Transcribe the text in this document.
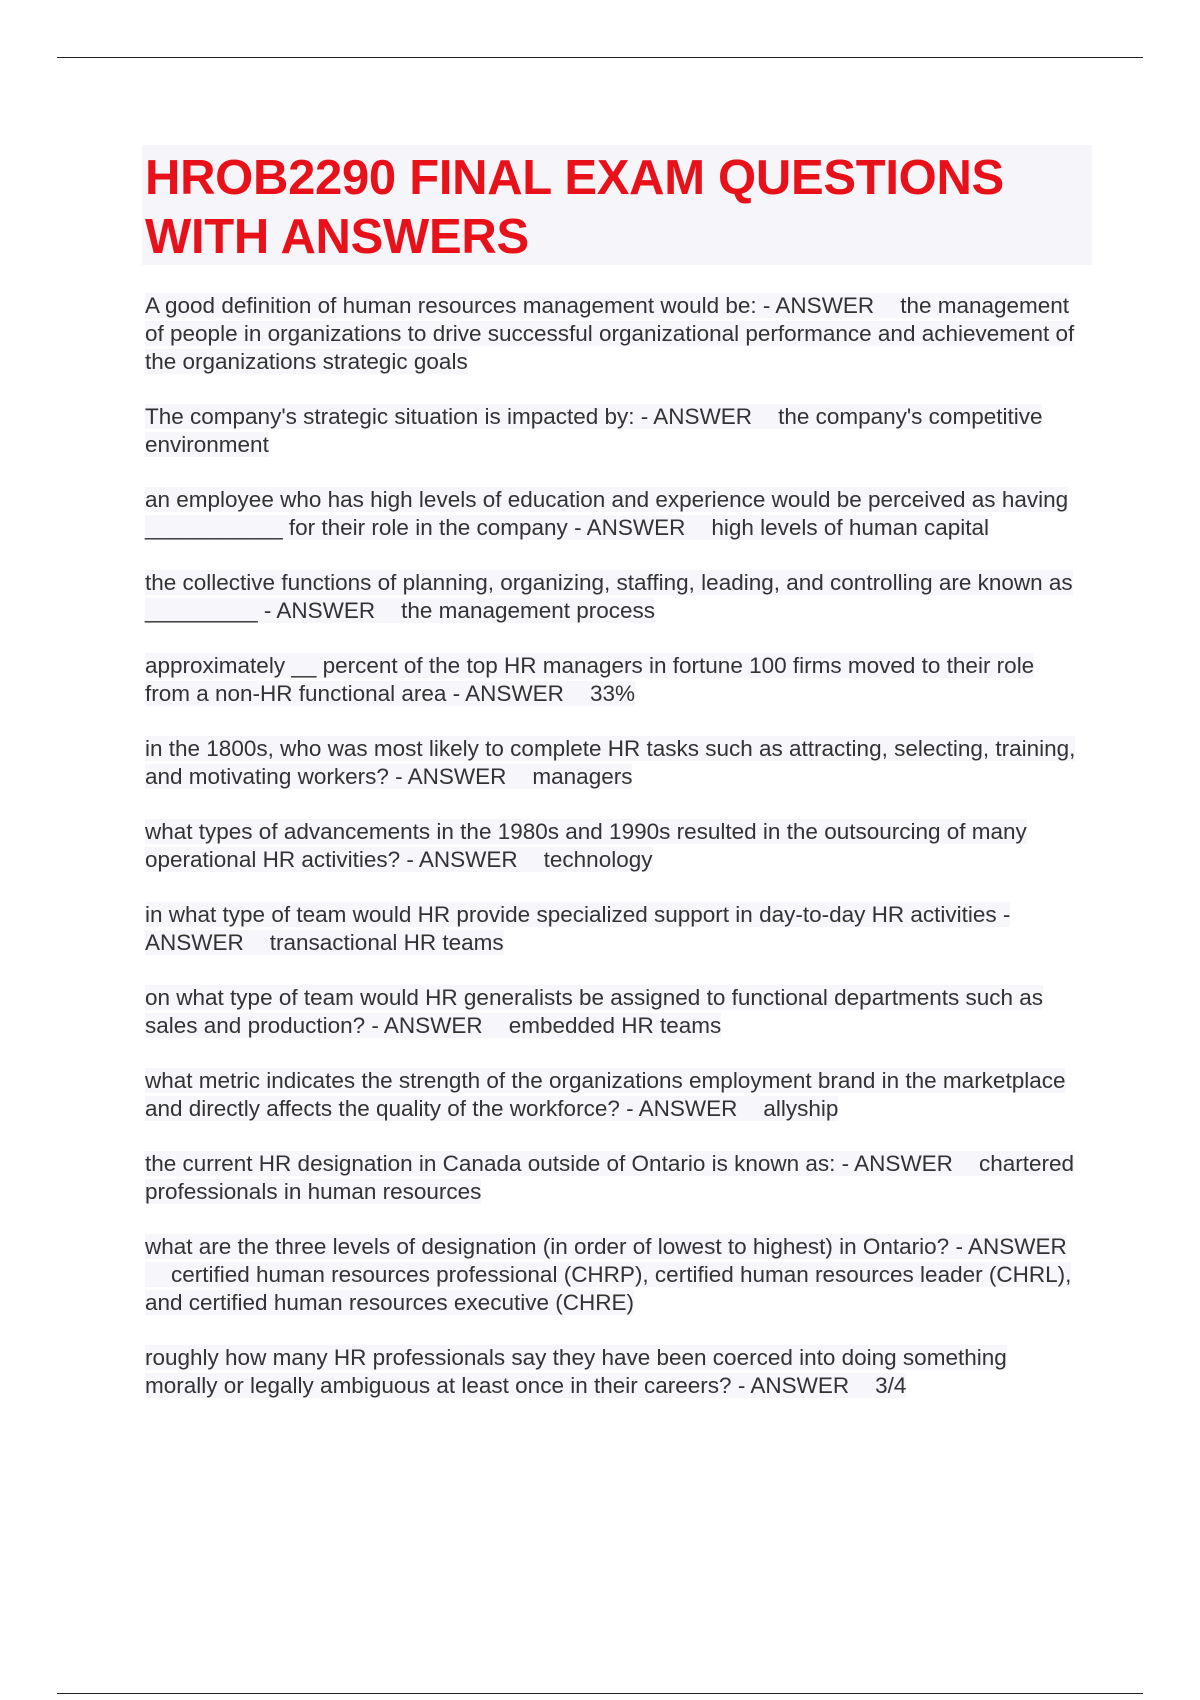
HROB2290 FINAL EXAM QUESTIONS
WITH ANSWERS
A good definition of human resources management would be: - ANSWER the management of people in organizations to drive successful organizational performance and achievement of the organizations strategic goals
The company's strategic situation is impacted by: - ANSWER the company's competitive environment
an employee who has high levels of education and experience would be perceived as having ___________ for their role in the company - ANSWER high levels of human capital
the collective functions of planning, organizing, staffing, leading, and controlling are known as _________ - ANSWER the management process
approximately __ percent of the top HR managers in fortune 100 firms moved to their role from a non-HR functional area - ANSWER 33%
in the 1800s, who was most likely to complete HR tasks such as attracting, selecting, training, and motivating workers? - ANSWER managers
what types of advancements in the 1980s and 1990s resulted in the outsourcing of many operational HR activities? - ANSWER technology
in what type of team would HR provide specialized support in day-to-day HR activities - ANSWER transactional HR teams
on what type of team would HR generalists be assigned to functional departments such as sales and production? - ANSWER embedded HR teams
what metric indicates the strength of the organizations employment brand in the marketplace and directly affects the quality of the workforce? - ANSWER allyship
the current HR designation in Canada outside of Ontario is known as: - ANSWER chartered professionals in human resources
what are the three levels of designation (in order of lowest to highest) in Ontario? - ANSWERcertified human resources professional (CHRP), certified human resources leader (CHRL), and certified human resources executive (CHRE)
roughly how many HR professionals say they have been coerced into doing something morally or legally ambiguous at least once in their careers? - ANSWER 3/4
